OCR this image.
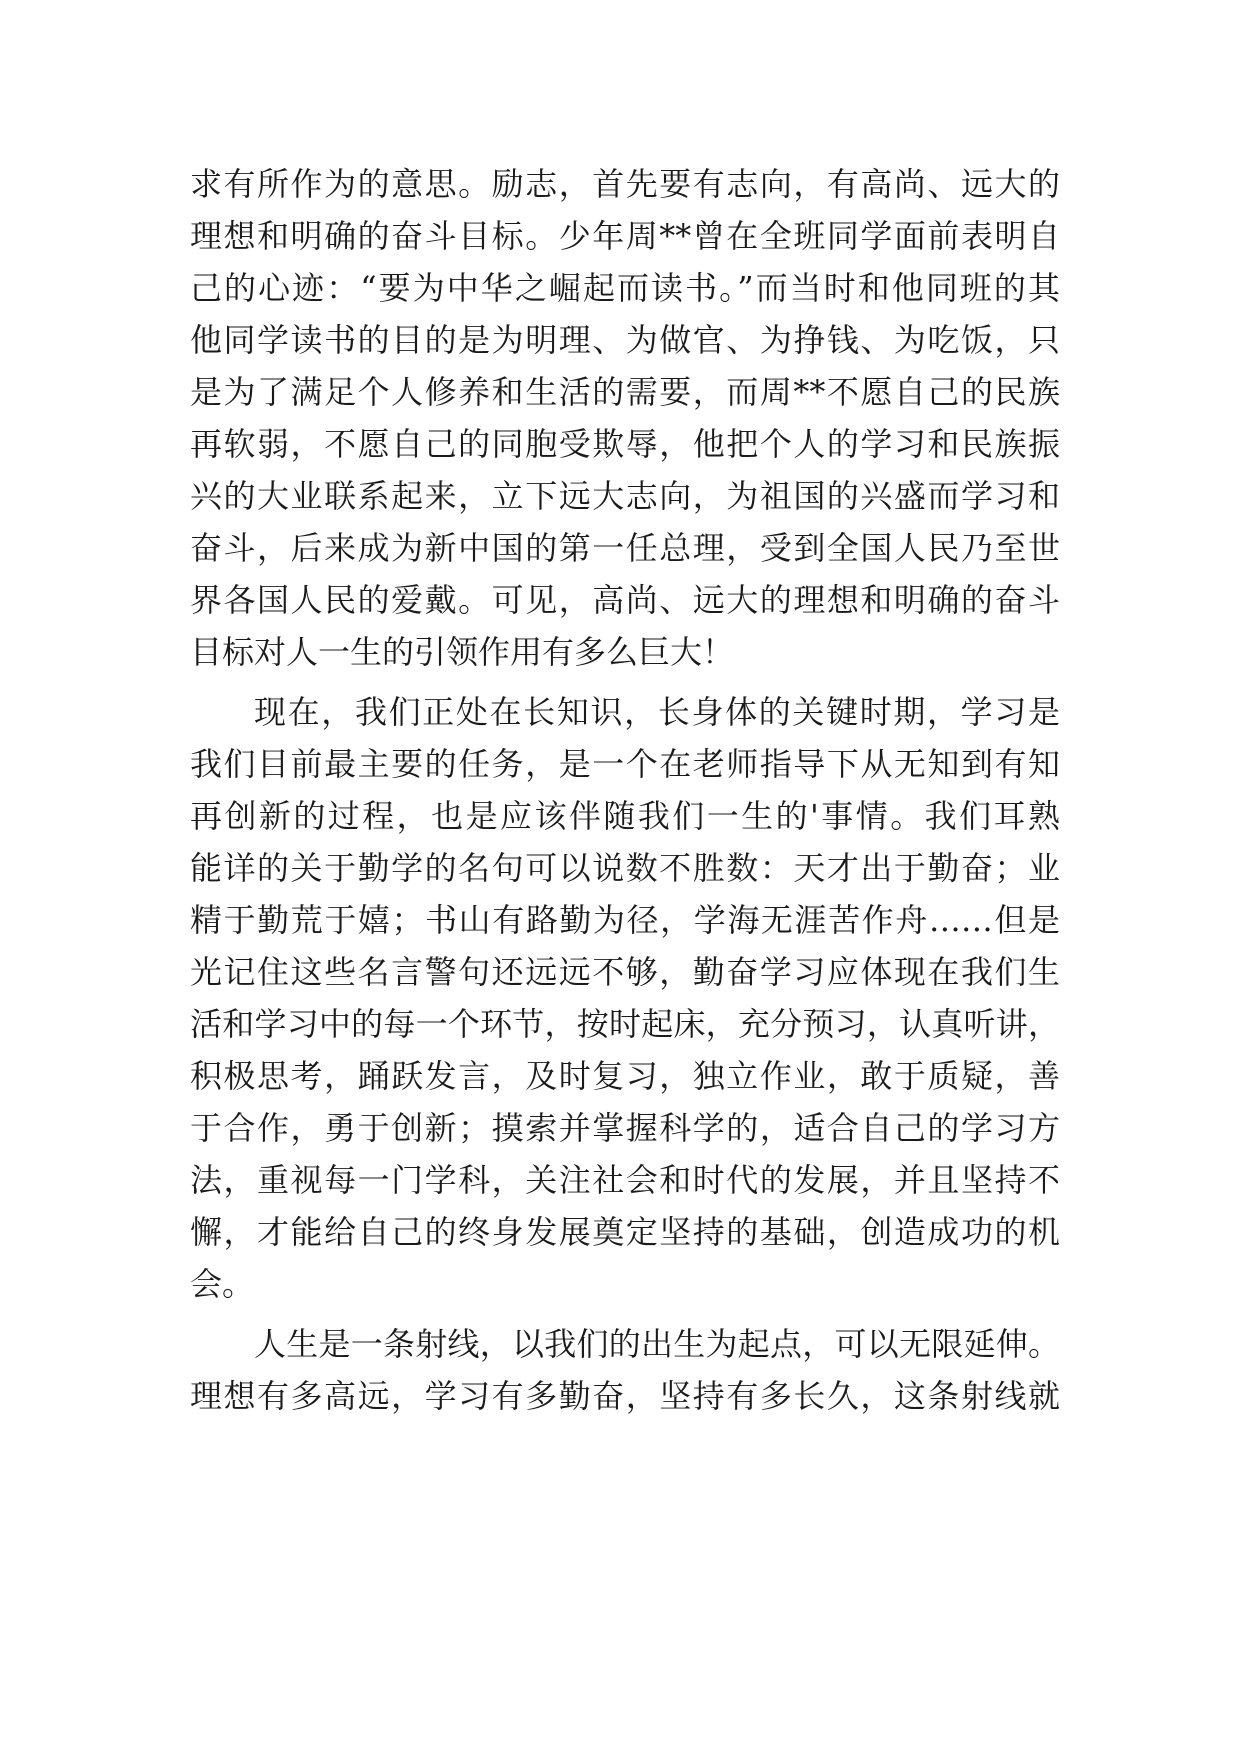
求有所作为的意思。励志，首先要有志向，有高尚、远大的
理想和明确的奋斗目标。少年周**曾在全班同学面前表明自
己的心迹：“要为中华之崛起而读书。”而当时和他同班的其
他同学读书的目的是为明理、为做官、为挣钱、为吃饭，只
是为了满足个人修养和生活的需要，而周**不愿自己的民族
再软弱，不愿自己的同胞受欺辱，他把个人的学习和民族振
兴的大业联系起来，立下远大志向，为祖国的兴盛而学习和
奋斗，后来成为新中国的第一任总理，受到全国人民乃至世
界各国人民的爱戴。可见，高尚、远大的理想和明确的奋斗
目标对人一生的引领作用有多么巨大！
现在，我们正处在长知识，长身体的关键时期，学习是
我们目前最主要的任务，是一个在老师指导下从无知到有知
再创新的过程，也是应该伴随我们一生的'事情。我们耳熟
能详的关于勤学的名句可以说数不胜数：天才出于勤奋；业
精于勤荒于嬉；书山有路勤为径，学海无涯苦作舟……但是
光记住这些名言警句还远远不够，勤奋学习应体现在我们生
活和学习中的每一个环节，按时起床，充分预习，认真听讲，
积极思考，踊跃发言，及时复习，独立作业，敢于质疑，善
于合作，勇于创新；摸索并掌握科学的，适合自己的学习方
法，重视每一门学科，关注社会和时代的发展，并且坚持不
懈，才能给自己的终身发展奠定坚持的基础，创造成功的机
会。
人生是一条射线，以我们的出生为起点，可以无限延伸。
理想有多高远，学习有多勤奋，坚持有多长久，这条射线就
